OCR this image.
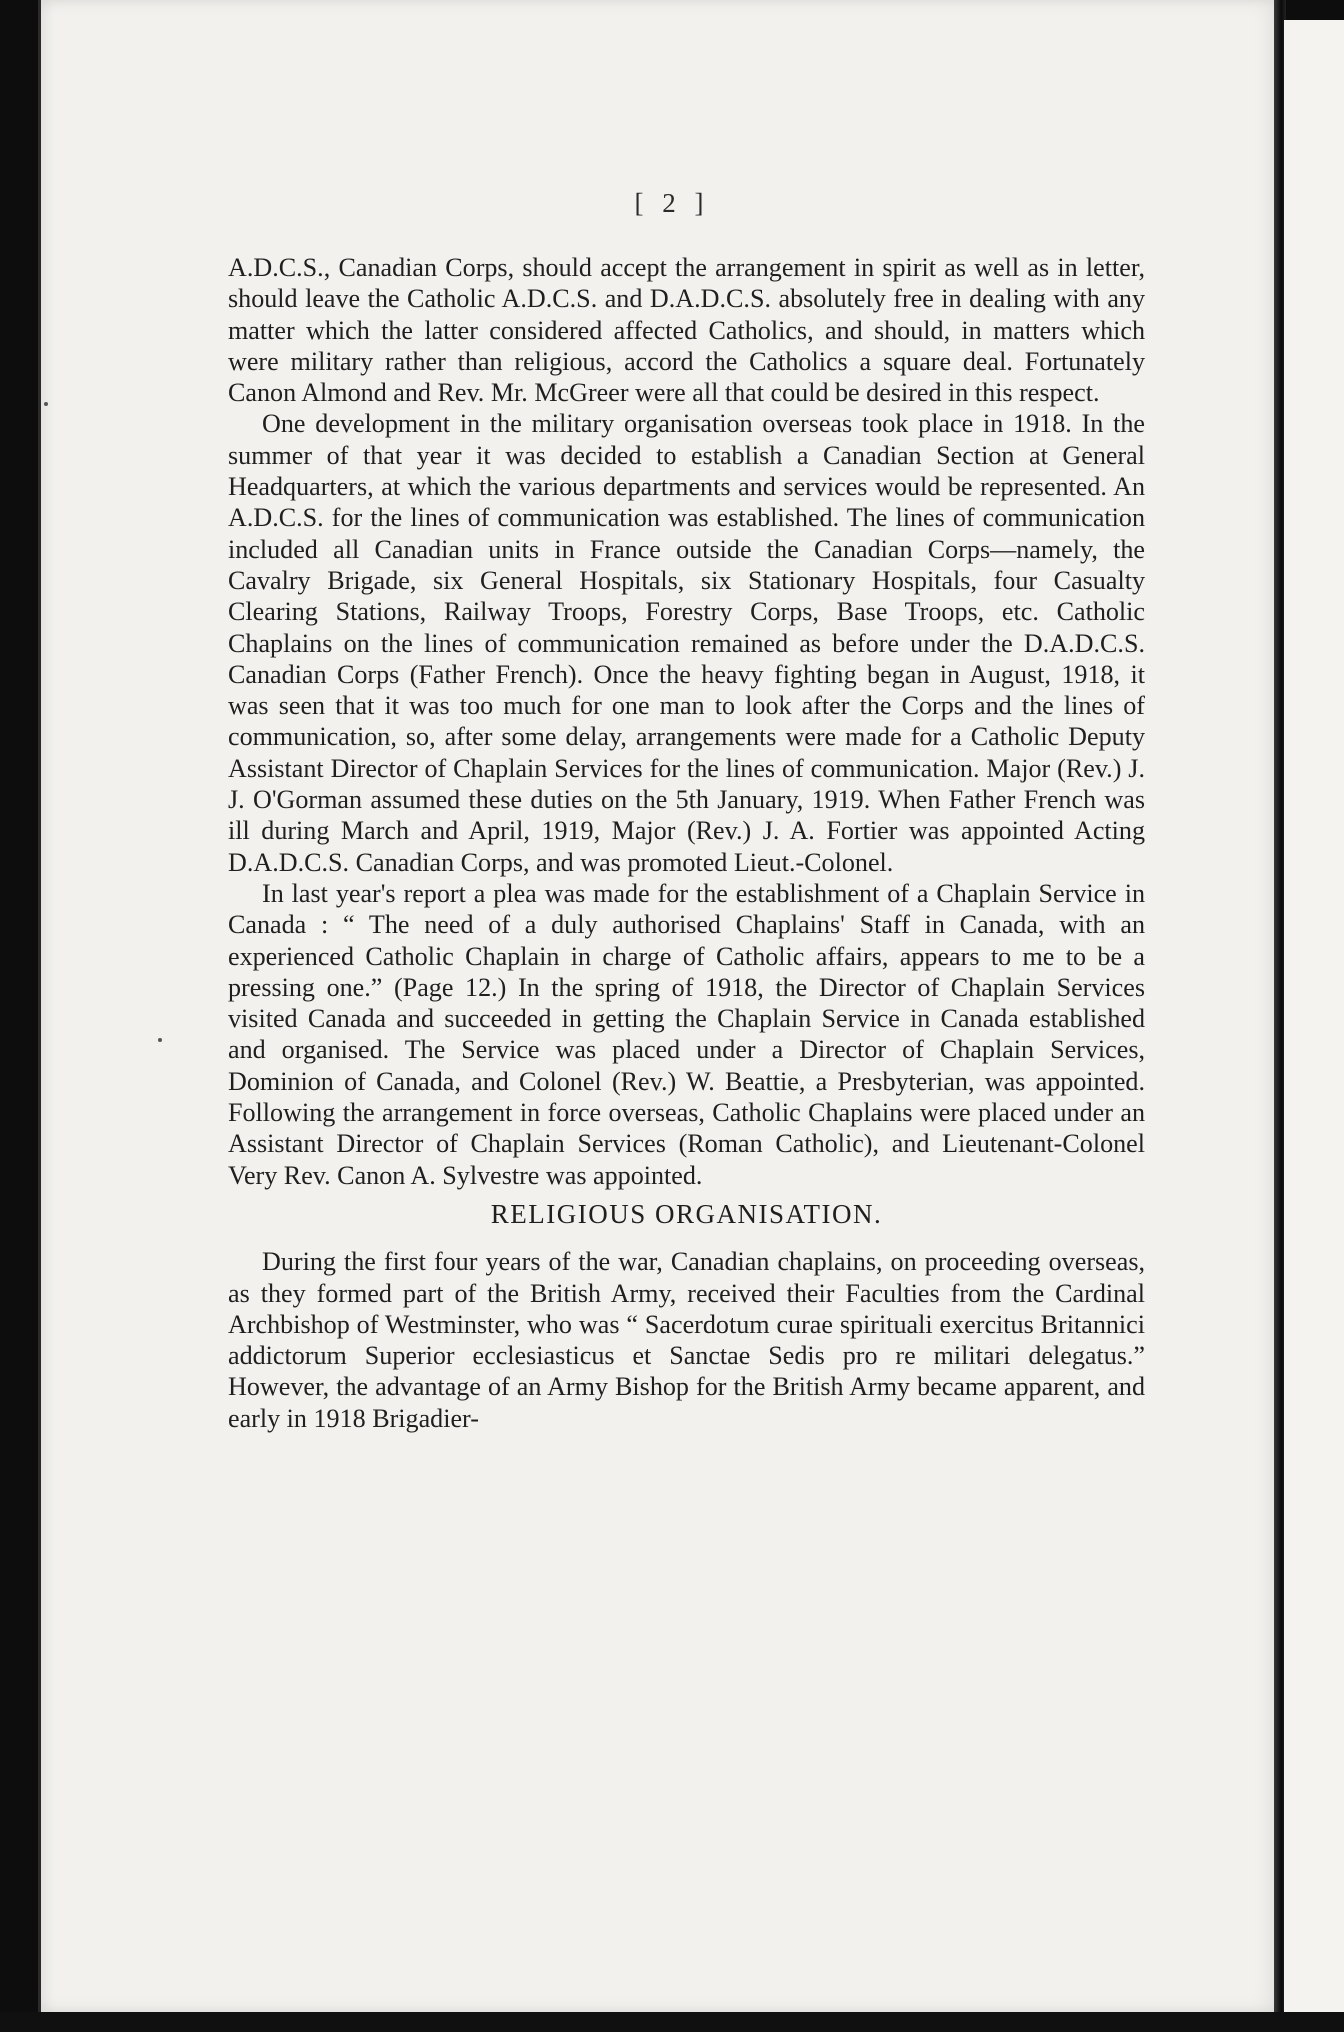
[ 2 ]

A.D.C.S., Canadian Corps, should accept the arrangement in spirit as well as in letter, should leave the Catholic A.D.C.S. and D.A.D.C.S. absolutely free in dealing with any matter which the latter considered affected Catholics, and should, in matters which were military rather than religious, accord the Catholics a square deal. Fortunately Canon Almond and Rev. Mr. McGreer were all that could be desired in this respect.

One development in the military organisation overseas took place in 1918. In the summer of that year it was decided to establish a Canadian Section at General Headquarters, at which the various departments and services would be represented. An A.D.C.S. for the lines of communication was established. The lines of communication included all Canadian units in France outside the Canadian Corps—namely, the Cavalry Brigade, six General Hospitals, six Stationary Hospitals, four Casualty Clearing Stations, Railway Troops, Forestry Corps, Base Troops, etc. Catholic Chaplains on the lines of communication remained as before under the D.A.D.C.S. Canadian Corps (Father French). Once the heavy fighting began in August, 1918, it was seen that it was too much for one man to look after the Corps and the lines of communication, so, after some delay, arrangements were made for a Catholic Deputy Assistant Director of Chaplain Services for the lines of communication. Major (Rev.) J. J. O'Gorman assumed these duties on the 5th January, 1919. When Father French was ill during March and April, 1919, Major (Rev.) J. A. Fortier was appointed Acting D.A.D.C.S. Canadian Corps, and was promoted Lieut.-Colonel.

In last year's report a plea was made for the establishment of a Chaplain Service in Canada : “ The need of a duly authorised Chaplains' Staff in Canada, with an experienced Catholic Chaplain in charge of Catholic affairs, appears to me to be a pressing one.” (Page 12.) In the spring of 1918, the Director of Chaplain Services visited Canada and succeeded in getting the Chaplain Service in Canada established and organised. The Service was placed under a Director of Chaplain Services, Dominion of Canada, and Colonel (Rev.) W. Beattie, a Presbyterian, was appointed. Following the arrangement in force overseas, Catholic Chaplains were placed under an Assistant Director of Chaplain Services (Roman Catholic), and Lieutenant-Colonel Very Rev. Canon A. Sylvestre was appointed.

RELIGIOUS ORGANISATION.

During the first four years of the war, Canadian chaplains, on proceeding overseas, as they formed part of the British Army, received their Faculties from the Cardinal Archbishop of Westminster, who was “ Sacerdotum curae spirituali exercitus Britannici addictorum Superior ecclesiasticus et Sanctae Sedis pro re militari delegatus.” However, the advantage of an Army Bishop for the British Army became apparent, and early in 1918 Brigadier-
